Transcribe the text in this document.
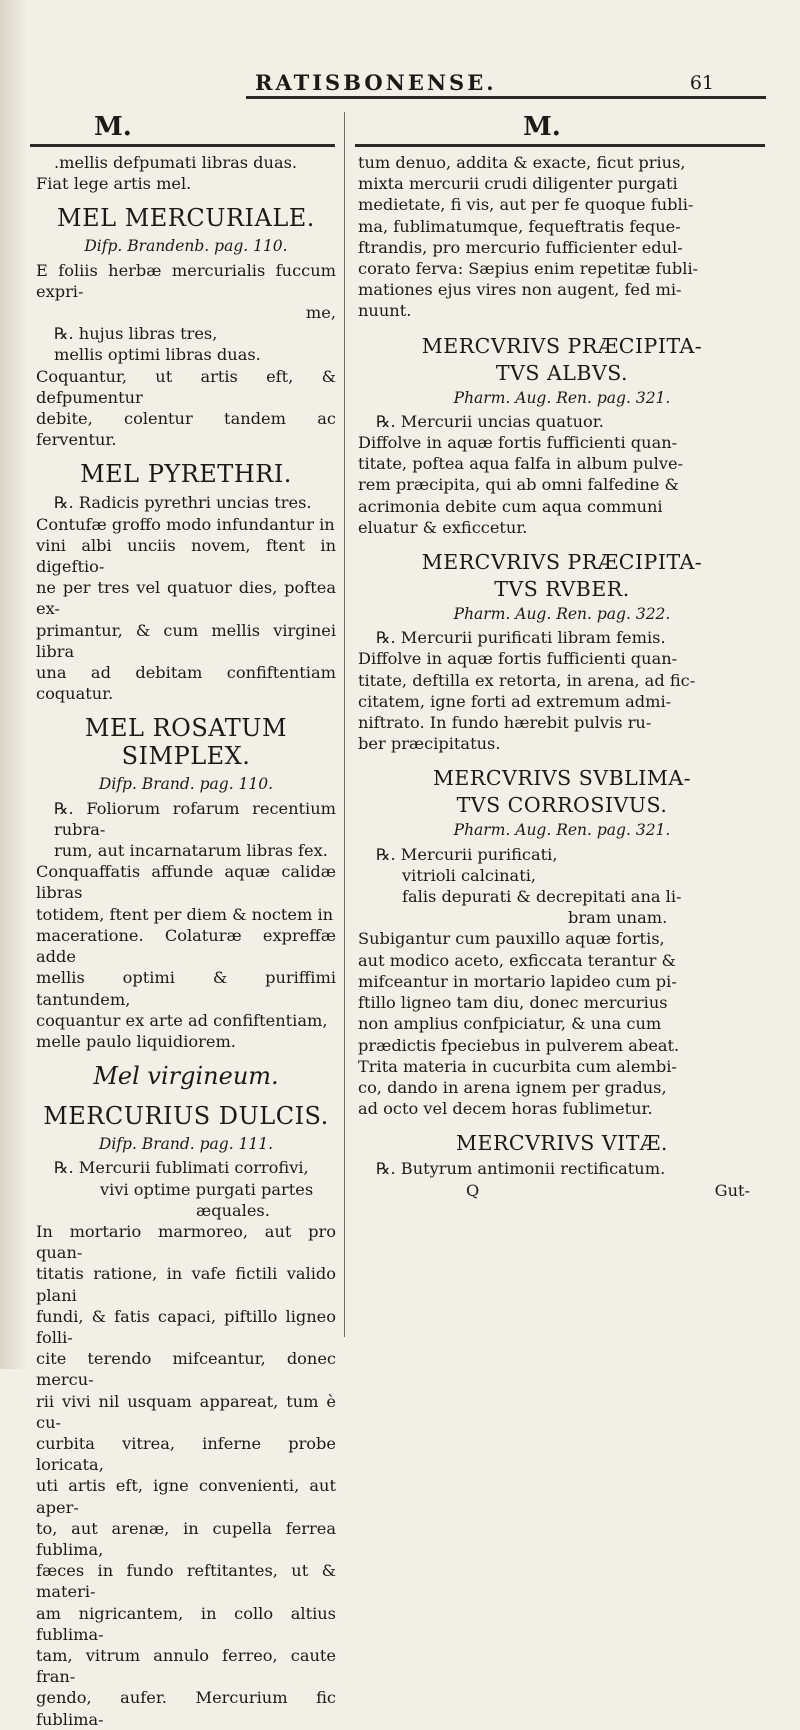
RATISBONENSE.	61
M.	M.

.mellis defpumati libras duas.

Fiat lege artis mel.

MEL MERCURIALE.
Difp. Brandenb. pag. 110.

E foliis herbæ mercurialis fuccum expri-

me,

℞. hujus libras tres,

mellis optimi libras duas.

Coquantur, ut artis eft, & defpumentur

debite, colentur tandem ac ferventur.

MEL PYRETHRI.

℞. Radicis pyrethri uncias tres.

Contufæ groffo modo infundantur in

vini albi unciis novem, ftent in digeftio-

ne per tres vel quatuor dies, poftea ex-

primantur, & cum mellis virginei libra

una ad debitam confiftentiam coquatur.

MEL ROSATUM SIMPLEX.
Difp. Brand. pag. 110.

℞. Foliorum rofarum recentium rubra-

rum, aut incarnatarum libras fex.

Conquaffatis affunde aquæ calidæ libras

totidem, ftent per diem & noctem in

maceratione. Colaturæ expreffæ adde

mellis optimi & puriffimi tantundem,

coquantur ex arte ad confiftentiam,

melle paulo liquidiorem.

Mel virgineum.
MERCURIUS DULCIS.
Difp. Brand. pag. 111.

℞. Mercurii fublimati corrofivi,

vivi optime purgati partes

æquales.

In mortario marmoreo, aut pro quan-

titatis ratione, in vafe fictili valido plani

fundi, & fatis capaci, piftillo ligneo folli-

cite terendo mifceantur, donec mercu-

rii vivi nil usquam appareat, tum è cu-

curbita vitrea, inferne probe loricata,

uti artis eft, igne convenienti, aut aper-

to, aut arenæ, in cupella ferrea fublima,

fæces in fundo reftitantes, ut & materi-

am nigricantem, in collo altius fublima-

tam, vitrum annulo ferreo, caute fran-

gendo, aufer. Mercurium fic fublima-

tum denuo, addita & exacte, ficut prius,

mixta mercurii crudi diligenter purgati

medietate, fi vis, aut per fe quoque fubli-

ma, fublimatumque, fequeftratis feque-

ftrandis, pro mercurio fufficienter edul-

corato ferva: Sæpius enim repetitæ fubli-

mationes ejus vires non augent, fed mi-

nuunt.

MERCVRIVS PRÆCIPITA-
TVS ALBVS.
Pharm. Aug. Ren. pag. 321.

℞. Mercurii uncias quatuor.

Diffolve in aquæ fortis fufficienti quan-

titate, poftea aqua falfa in album pulve-

rem præcipita, qui ab omni falfedine &

acrimonia debite cum aqua communi

eluatur & exficcetur.

MERCVRIVS PRÆCIPITA-
TVS RVBER.
Pharm. Aug. Ren. pag. 322.

℞. Mercurii purificati libram femis.

Diffolve in aquæ fortis fufficienti quan-

titate, deftilla ex retorta, in arena, ad fic-

citatem, igne forti ad extremum admi-

niftrato. In fundo hærebit pulvis ru-

ber præcipitatus.

MERCVRIVS SVBLIMA-
TVS CORROSIVUS.
Pharm. Aug. Ren. pag. 321.

℞. Mercurii purificati,

vitrioli calcinati,

falis depurati & decrepitati ana li-

bram unam.

Subigantur cum pauxillo aquæ fortis,

aut modico aceto, exficcata terantur &

mifceantur in mortario lapideo cum pi-

ftillo ligneo tam diu, donec mercurius

non amplius confpiciatur, & una cum

prædictis fpeciebus in pulverem abeat.

Trita materia in cucurbita cum alembi-

co, dando in arena ignem per gradus,

ad octo vel decem horas fublimetur.

MERCVRIVS VITÆ.

℞. Butyrum antimonii rectificatum.

Q	Gut-
